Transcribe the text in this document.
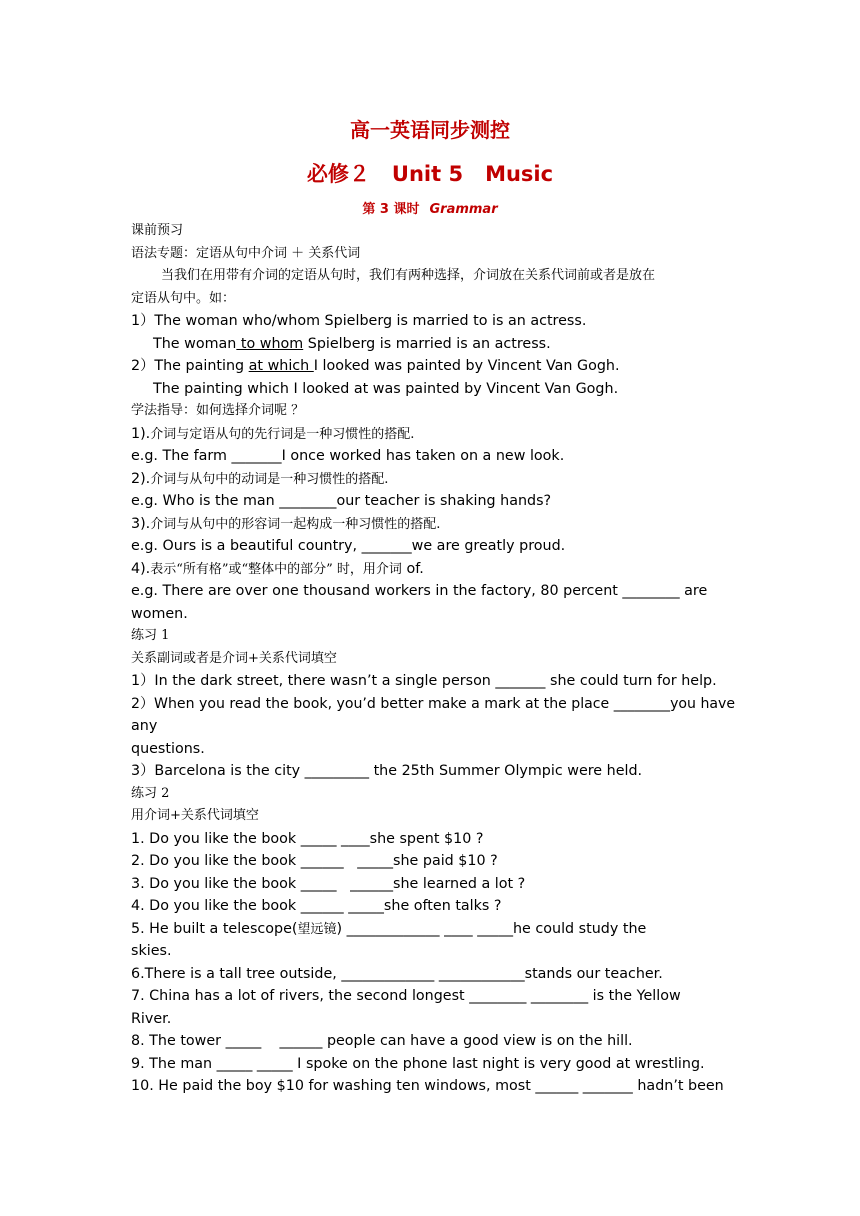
高一英语同步测控
必修２ Unit 5 Music
第 3 课时 Grammar
课前预习
语法专题：定语从句中介词 ＋ 关系代词
当我们在用带有介词的定语从句时，我们有两种选择，介词放在关系代词前或者是放在
定语从句中。如：
1）The woman who/whom Spielberg is married to is an actress.
The woman to whom Spielberg is married is an actress.
2）The painting at which I looked was painted by Vincent Van Gogh.
The painting which I looked at was painted by Vincent Van Gogh.
学法指导：如何选择介词呢 ？
1).介词与定语从句的先行词是一种习惯性的搭配.
e.g. The farm _______I once worked has taken on a new look.
2).介词与从句中的动词是一种习惯性的搭配.
e.g. Who is the man ________our teacher is shaking hands?
3).介词与从句中的形容词一起构成一种习惯性的搭配.
e.g. Ours is a beautiful country, _______we are greatly proud.
4).表示“所有格”或“整体中的部分” 时，用介词 of.
e.g. There are over one thousand workers in the factory, 80 percent ________ are
women.
练习 1
关系副词或者是介词+关系代词填空
1）In the dark street, there wasn’t a single person _______ she could turn for help.
2）When you read the book, you’d better make a mark at the place ________you have
any
questions.
3）Barcelona is the city _________ the 25th Summer Olympic were held.
练习 2
用介词+关系代词填空
1. Do you like the book _____ ____she spent $10 ?
2. Do you like the book ______   _____she paid $10 ?
3. Do you like the book _____   ______she learned a lot ?
4. Do you like the book ______ _____she often talks ?
5. He built a telescope(望远镜) _____________ ____ _____he could study the
skies.
6.There is a tall tree outside, _____________ ____________stands our teacher.
7. China has a lot of rivers, the second longest ________ ________ is the Yellow
River.
8. The tower _____    ______ people can have a good view is on the hill.
9. The man _____ _____ I spoke on the phone last night is very good at wrestling.
10. He paid the boy $10 for washing ten windows, most ______ _______ hadn’t been
